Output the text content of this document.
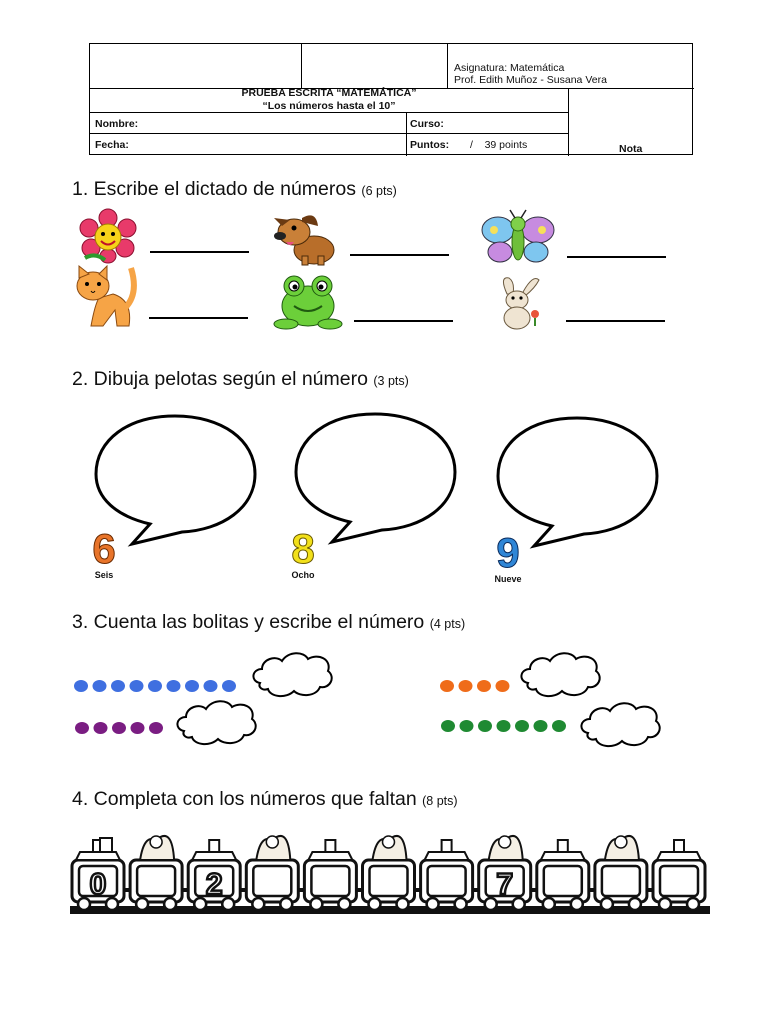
Asignatura: Matemática
Prof. Edith Muñoz - Susana Vera
PRUEBA ESCRITA “MATEMÁTICA”
“Los números hasta el 10”
Nombre:	Curso:
Fecha:	Puntos: /    39 points	Nota
1. Escribe el dictado de números (6 pts)
2. Dibuja pelotas según el número (3 pts)
6
Seis
8
Ocho	9
Nueve
3. Cuenta las bolitas y escribe el número (4 pts)
4. Completa con los números que faltan (8 pts)
0	2	7
